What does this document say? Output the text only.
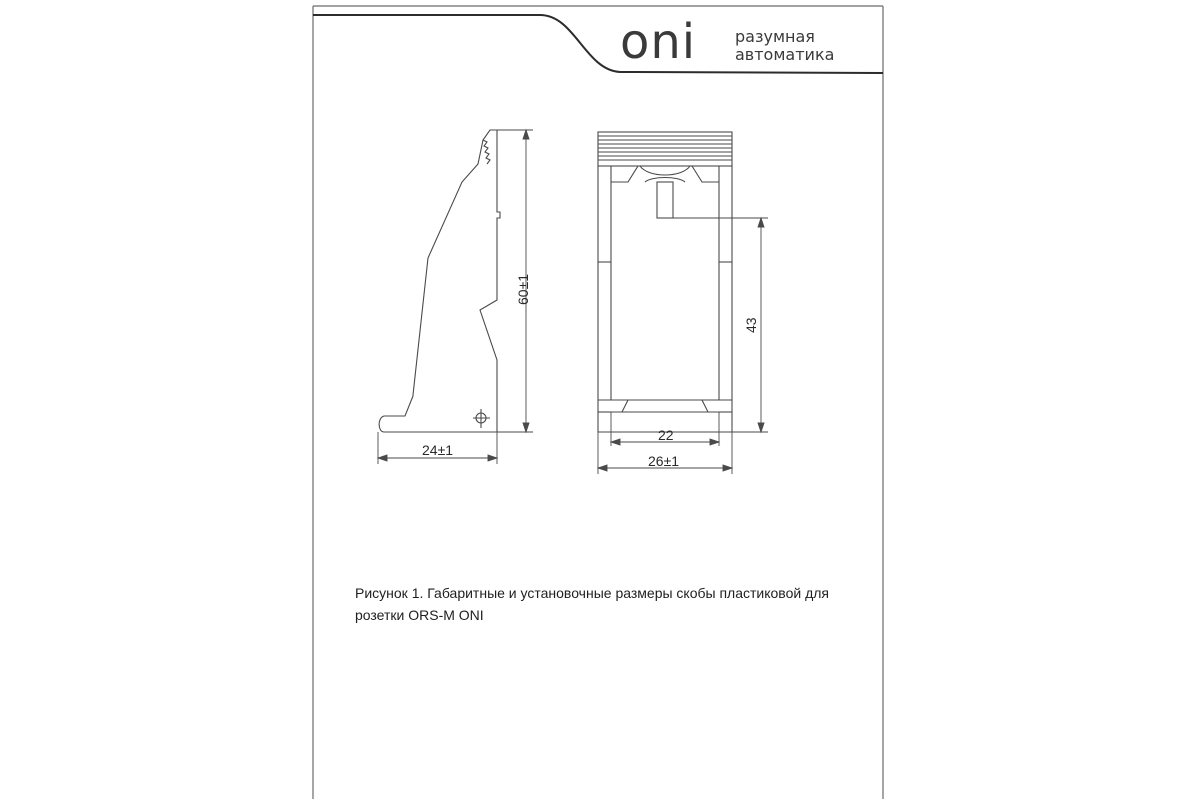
oni разумная
автоматика
60±1
24±1
43
22
26±1
Рисунок 1. Габаритные и установочные размеры скобы пластиковой для
розетки ORS-M ONI
